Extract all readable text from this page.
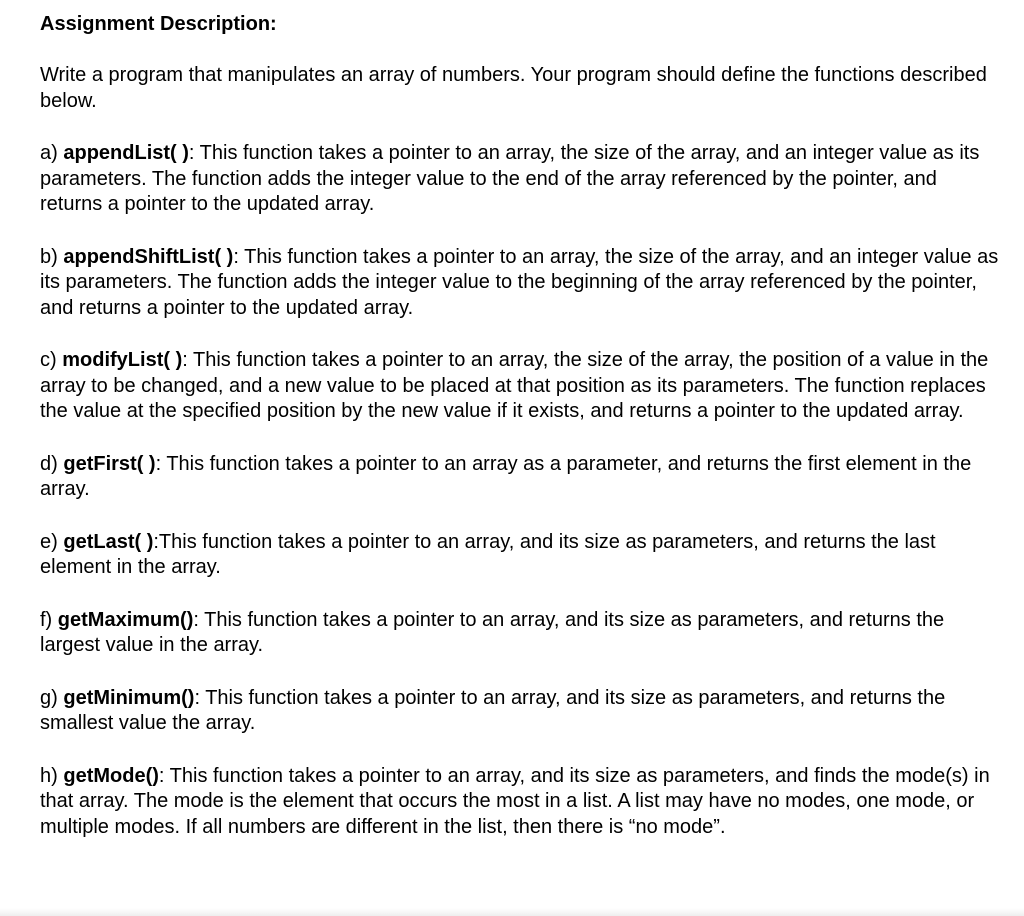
Assignment Description:
Write a program that manipulates an array of numbers. Your program should define the functions described below.
a) appendList( ): This function takes a pointer to an array, the size of the array, and an integer value as its parameters. The function adds the integer value to the end of the array referenced by the pointer, and returns a pointer to the updated array.
b) appendShiftList( ): This function takes a pointer to an array, the size of the array, and an integer value as its parameters. The function adds the integer value to the beginning of the array referenced by the pointer, and returns a pointer to the updated array.
c) modifyList( ): This function takes a pointer to an array, the size of the array, the position of a value in the array to be changed, and a new value to be placed at that position as its parameters. The function replaces the value at the specified position by the new value if it exists, and returns a pointer to the updated array.
d) getFirst( ): This function takes a pointer to an array as a parameter, and returns the first element in the array.
e) getLast( ):This function takes a pointer to an array, and its size as parameters, and returns the last element in the array.
f) getMaximum(): This function takes a pointer to an array, and its size as parameters, and returns the largest value in the array.
g) getMinimum(): This function takes a pointer to an array, and its size as parameters, and returns the smallest value the array.
h) getMode(): This function takes a pointer to an array, and its size as parameters, and finds the mode(s) in that array. The mode is the element that occurs the most in a list. A list may have no modes, one mode, or multiple modes. If all numbers are different in the list, then there is “no mode”.
